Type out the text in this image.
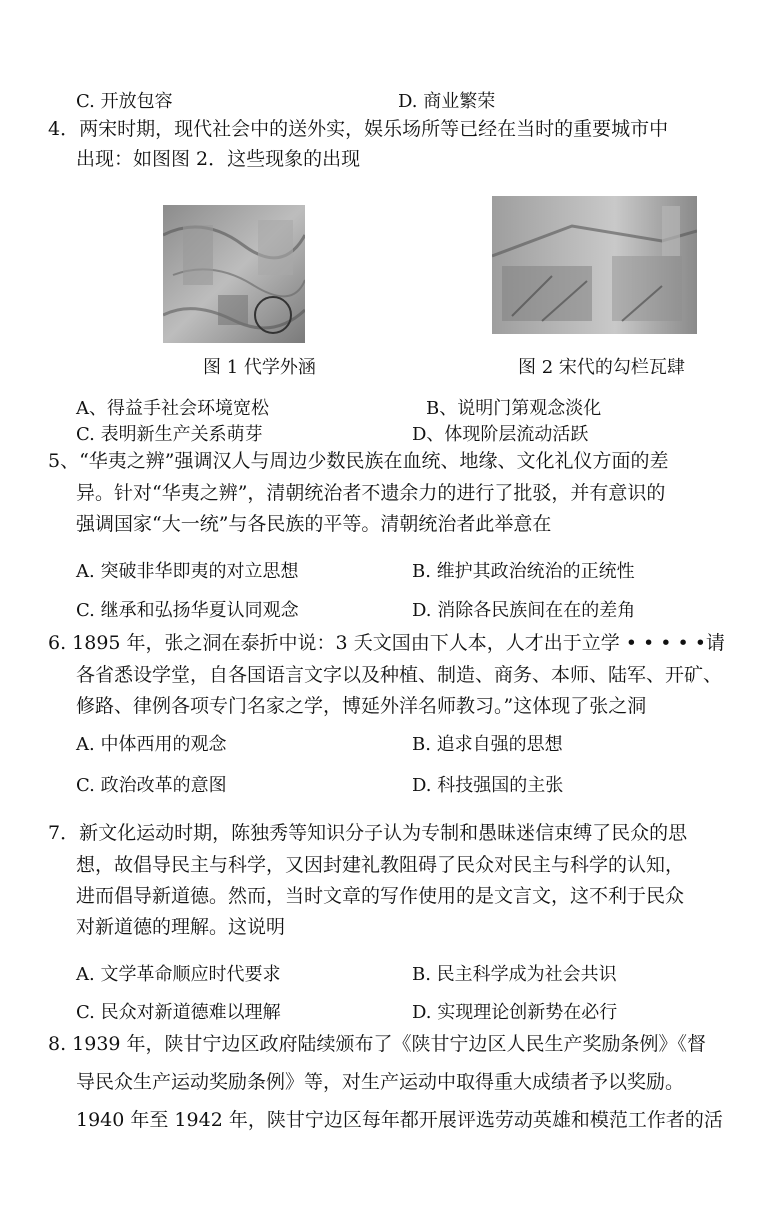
C. 开放包容	D. 商业繁荣
4．两宋时期，现代社会中的送外实，娱乐场所等已经在当时的重要城市中
出现：如图图 2．这些现象的出现
图 1 代学外涵	图 2 宋代的勾栏瓦肆
A、得益手社会环境宽松	B、说明门第观念淡化
C. 表明新生产关系萌芽	D、体现阶层流动活跃
5、“华夷之辨”强调汉人与周边少数民族在血统、地缘、文化礼仪方面的差
异。针对“华夷之辨”，清朝统治者不遗余力的进行了批驳，并有意识的
强调国家“大一统”与各民族的平等。清朝统治者此举意在
A. 突破非华即夷的对立思想	B. 维护其政治统治的正统性
C. 继承和弘扬华夏认同观念	D. 消除各民族间在在的差角
6. 1895 年，张之洞在泰折中说：3 夭文国由下人本，人才出于立学 • • • • •请
各省悉设学堂，自各国语言文字以及种植、制造、商务、本师、陆军、开矿、
修路、律例各项专门名家之学，博延外洋名师教习。”这体现了张之洞
A. 中体西用的观念	B. 追求自强的思想
C. 政治改革的意图	D. 科技强国的主张
7．新文化运动时期，陈独秀等知识分子认为专制和愚昧迷信束缚了民众的思
想，故倡导民主与科学，又因封建礼教阻碍了民众对民主与科学的认知，
进而倡导新道德。然而，当时文章的写作使用的是文言文，这不利于民众
对新道德的理解。这说明
A. 文学革命顺应时代要求	B. 民主科学成为社会共识
C. 民众对新道德难以理解	D. 实现理论创新势在必行
8. 1939 年，陕甘宁边区政府陆续颁布了《陕甘宁边区人民生产奖励条例》《督
导民众生产运动奖励条例》等，对生产运动中取得重大成绩者予以奖励。
1940 年至 1942 年，陕甘宁边区每年都开展评选劳动英雄和模范工作者的活
